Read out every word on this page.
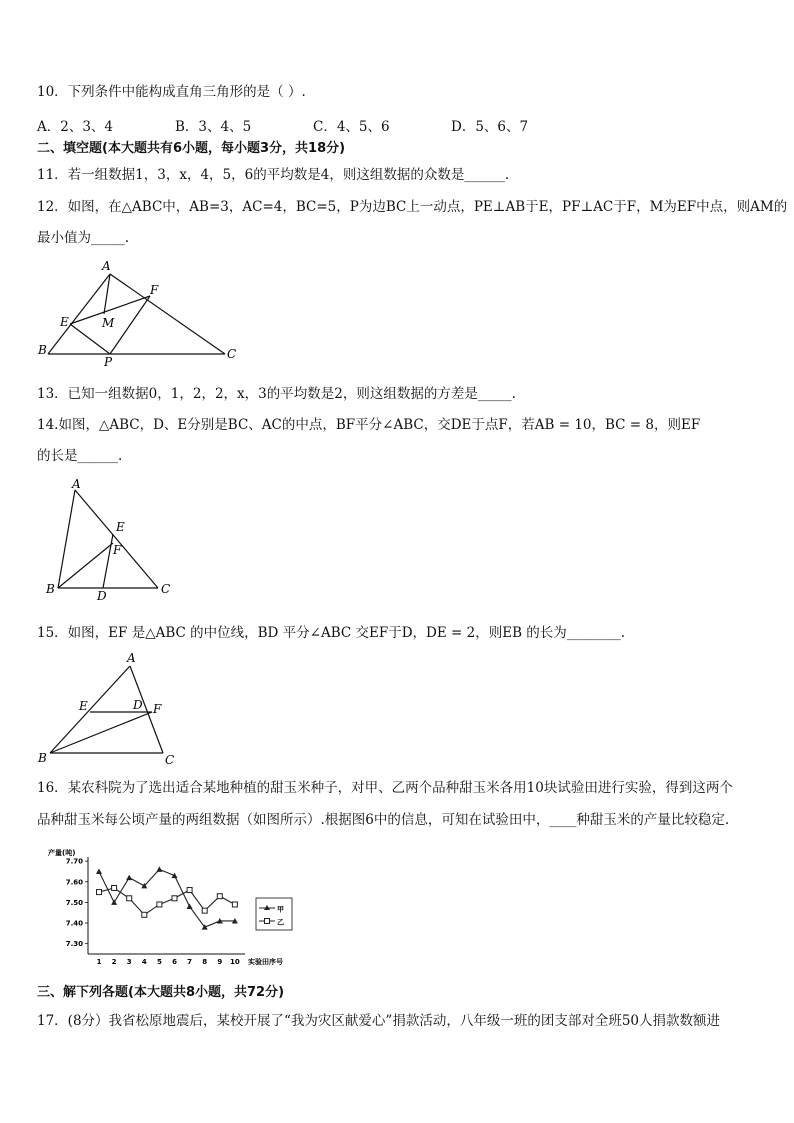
10．下列条件中能构成直角三角形的是（ ）.
A．2、3、4	B．3、4、5	C．4、5、6	D．5、6、7
二、填空题(本大题共有6小题，每小题3分，共18分)
11．若一组数据1，3，x，4，5，6的平均数是4，则这组数据的众数是______.
12．如图，在△ABC中，AB=3，AC=4，BC=5，P为边BC上一动点，PE⊥AB于E，PF⊥AC于F，M为EF中点，则AM的
最小值为_____.
A
B	C
E
F
M
P
13．已知一组数据0，1，2，2，x，3的平均数是2，则这组数据的方差是_____.
14.如图，△ABC，D、E分别是BC、AC的中点，BF平分∠ABC，交DE于点F，若AB = 10，BC = 8，则EF
的长是______.
A
B	C
D
E
F
15．如图，EF 是△ABC 的中位线，BD 平分∠ABC 交EF于D，DE = 2，则EB 的长为________.
A
B	C
D
E	F
16．某农科院为了选出适合某地种植的甜玉米种子，对甲、乙两个品种甜玉米各用10块试验田进行实验，得到这两个
品种甜玉米每公顷产量的两组数据（如图所示）.根据图6中的信息，可知在试验田中，____种甜玉米的产量比较稳定.
产量(吨)
7.30
7.40
7.50
7.60
7.70
1 2 3 4 5 6 7 8 9 10 实验田序号
甲
乙
三、解下列各题(本大题共8小题，共72分)
17．(8分）我省松原地震后，某校开展了“我为灾区献爱心”捐款活动，八年级一班的团支部对全班50人捐款数额进
